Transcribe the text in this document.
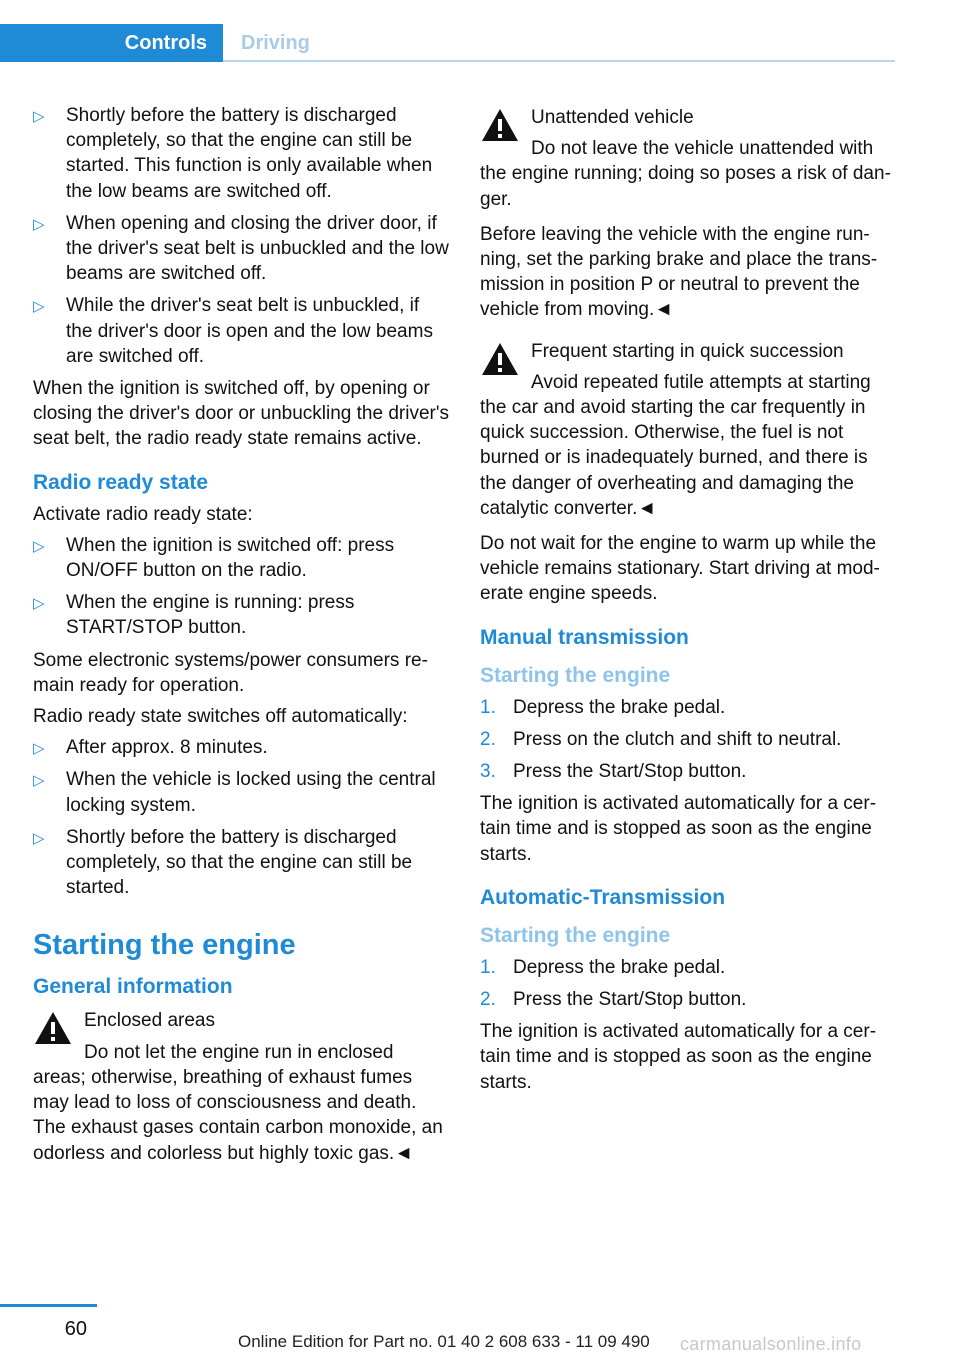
Controls	Driving
▷ Shortly before the battery is discharged completely, so that the engine can still be started. This function is only available when the low beams are switched off.
▷ When opening and closing the driver door, if the driver's seat belt is unbuckled and the low beams are switched off.
▷ While the driver's seat belt is unbuckled, if the driver's door is open and the low beams are switched off.

When the ignition is switched off, by opening or closing the driver's door or unbuckling the driver's seat belt, the radio ready state remains active.

Radio ready state

Activate radio ready state:

▷ When the ignition is switched off: press ON/OFF button on the radio.
▷ When the engine is running: press START/STOP button.

Some electronic systems/power consumers remain ready for operation.

Radio ready state switches off automatically:

▷ After approx. 8 minutes.
▷ When the vehicle is locked using the central locking system.
▷ Shortly before the battery is discharged completely, so that the engine can still be started.
Starting the engine
General information
Enclosed areas
Do not let the engine run in enclosed areas; otherwise, breathing of exhaust fumes may lead to loss of consciousness and death. The exhaust gases contain carbon monoxide, an odorless and colorless but highly toxic gas.◄
Unattended vehicle
Do not leave the vehicle unattended with the engine running; doing so poses a risk of danger.

Before leaving the vehicle with the engine running, set the parking brake and place the transmission in position P or neutral to prevent the vehicle from moving.◄

Frequent starting in quick succession
Avoid repeated futile attempts at starting the car and avoid starting the car frequently in quick succession. Otherwise, the fuel is not burned or is inadequately burned, and there is the danger of overheating and damaging the catalytic converter.◄

Do not wait for the engine to warm up while the vehicle remains stationary. Start driving at moderate engine speeds.

Manual transmission
Starting the engine
1. Depress the brake pedal.
2. Press on the clutch and shift to neutral.
3. Press the Start/Stop button.

The ignition is activated automatically for a certain time and is stopped as soon as the engine starts.

Automatic-Transmission
Starting the engine
1. Depress the brake pedal.
2. Press the Start/Stop button.

The ignition is activated automatically for a certain time and is stopped as soon as the engine starts.

60
Online Edition for Part no. 01 40 2 608 633 - 11 09 490 carmanualsonline.info
